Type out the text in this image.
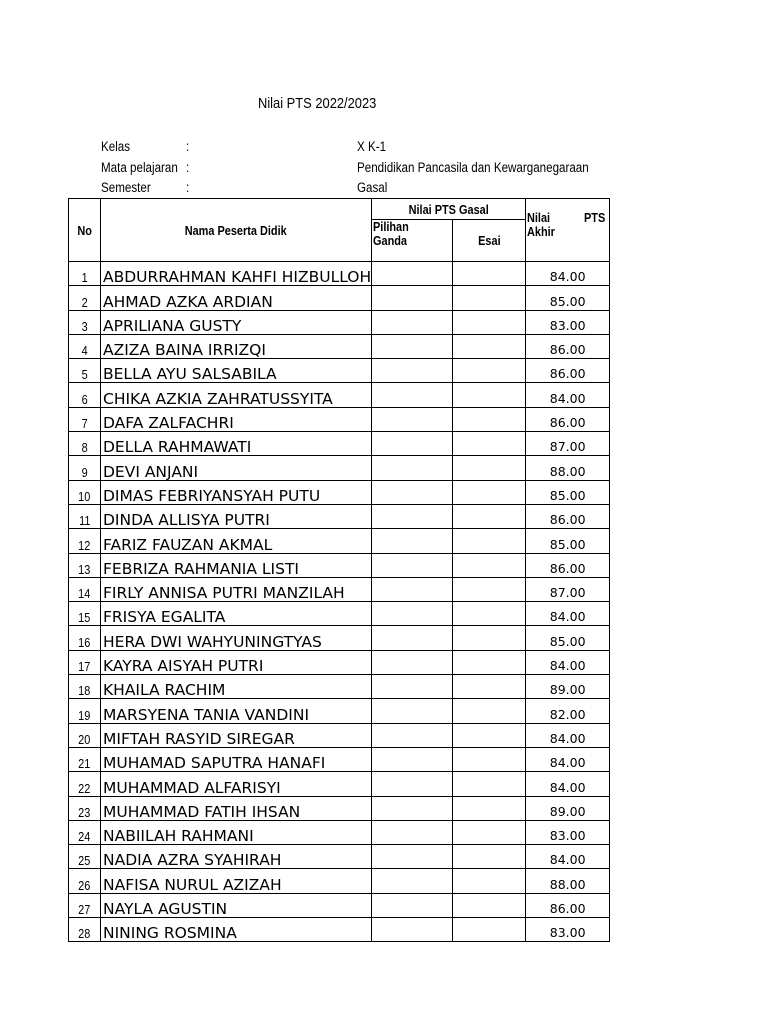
Nilai PTS 2022/2023
Kelas	:	X K-1
Mata pelajaran :	Pendidikan Pancasila dan Kewarganegaraan
Semester	:	Gasal
No	Nama Peserta Didik	Nilai PTS Gasal		Nilai PTS
Akhir

		Pilihan
Ganda	Esai	
1	ABDURRAHMAN KAHFI HIZBULLOH			84.00
2	AHMAD AZKA ARDIAN			85.00
3	APRILIANA GUSTY			83.00
4	AZIZA BAINA IRRIZQI			86.00
5	BELLA AYU SALSABILA			86.00
6	CHIKA AZKIA ZAHRATUSSYITA			84.00
7	DAFA ZALFACHRI			86.00
8	DELLA RAHMAWATI			87.00
9	DEVI ANJANI			88.00
10	DIMAS FEBRIYANSYAH PUTU			85.00
11	DINDA ALLISYA PUTRI			86.00
12	FARIZ FAUZAN AKMAL			85.00
13	FEBRIZA RAHMANIA LISTI			86.00
14	FIRLY ANNISA PUTRI MANZILAH			87.00
15	FRISYA EGALITA			84.00
16	HERA DWI WAHYUNINGTYAS			85.00
17	KAYRA AISYAH PUTRI			84.00
18	KHAILA RACHIM			89.00
19	MARSYENA TANIA VANDINI			82.00
20	MIFTAH RASYID SIREGAR			84.00
21	MUHAMAD SAPUTRA HANAFI			84.00
22	MUHAMMAD ALFARISYI			84.00
23	MUHAMMAD FATIH IHSAN			89.00
24	NABIILAH RAHMANI			83.00
25	NADIA AZRA SYAHIRAH			84.00
26	NAFISA NURUL AZIZAH			88.00
27	NAYLA AGUSTIN			86.00
28	NINING ROSMINA			83.00
